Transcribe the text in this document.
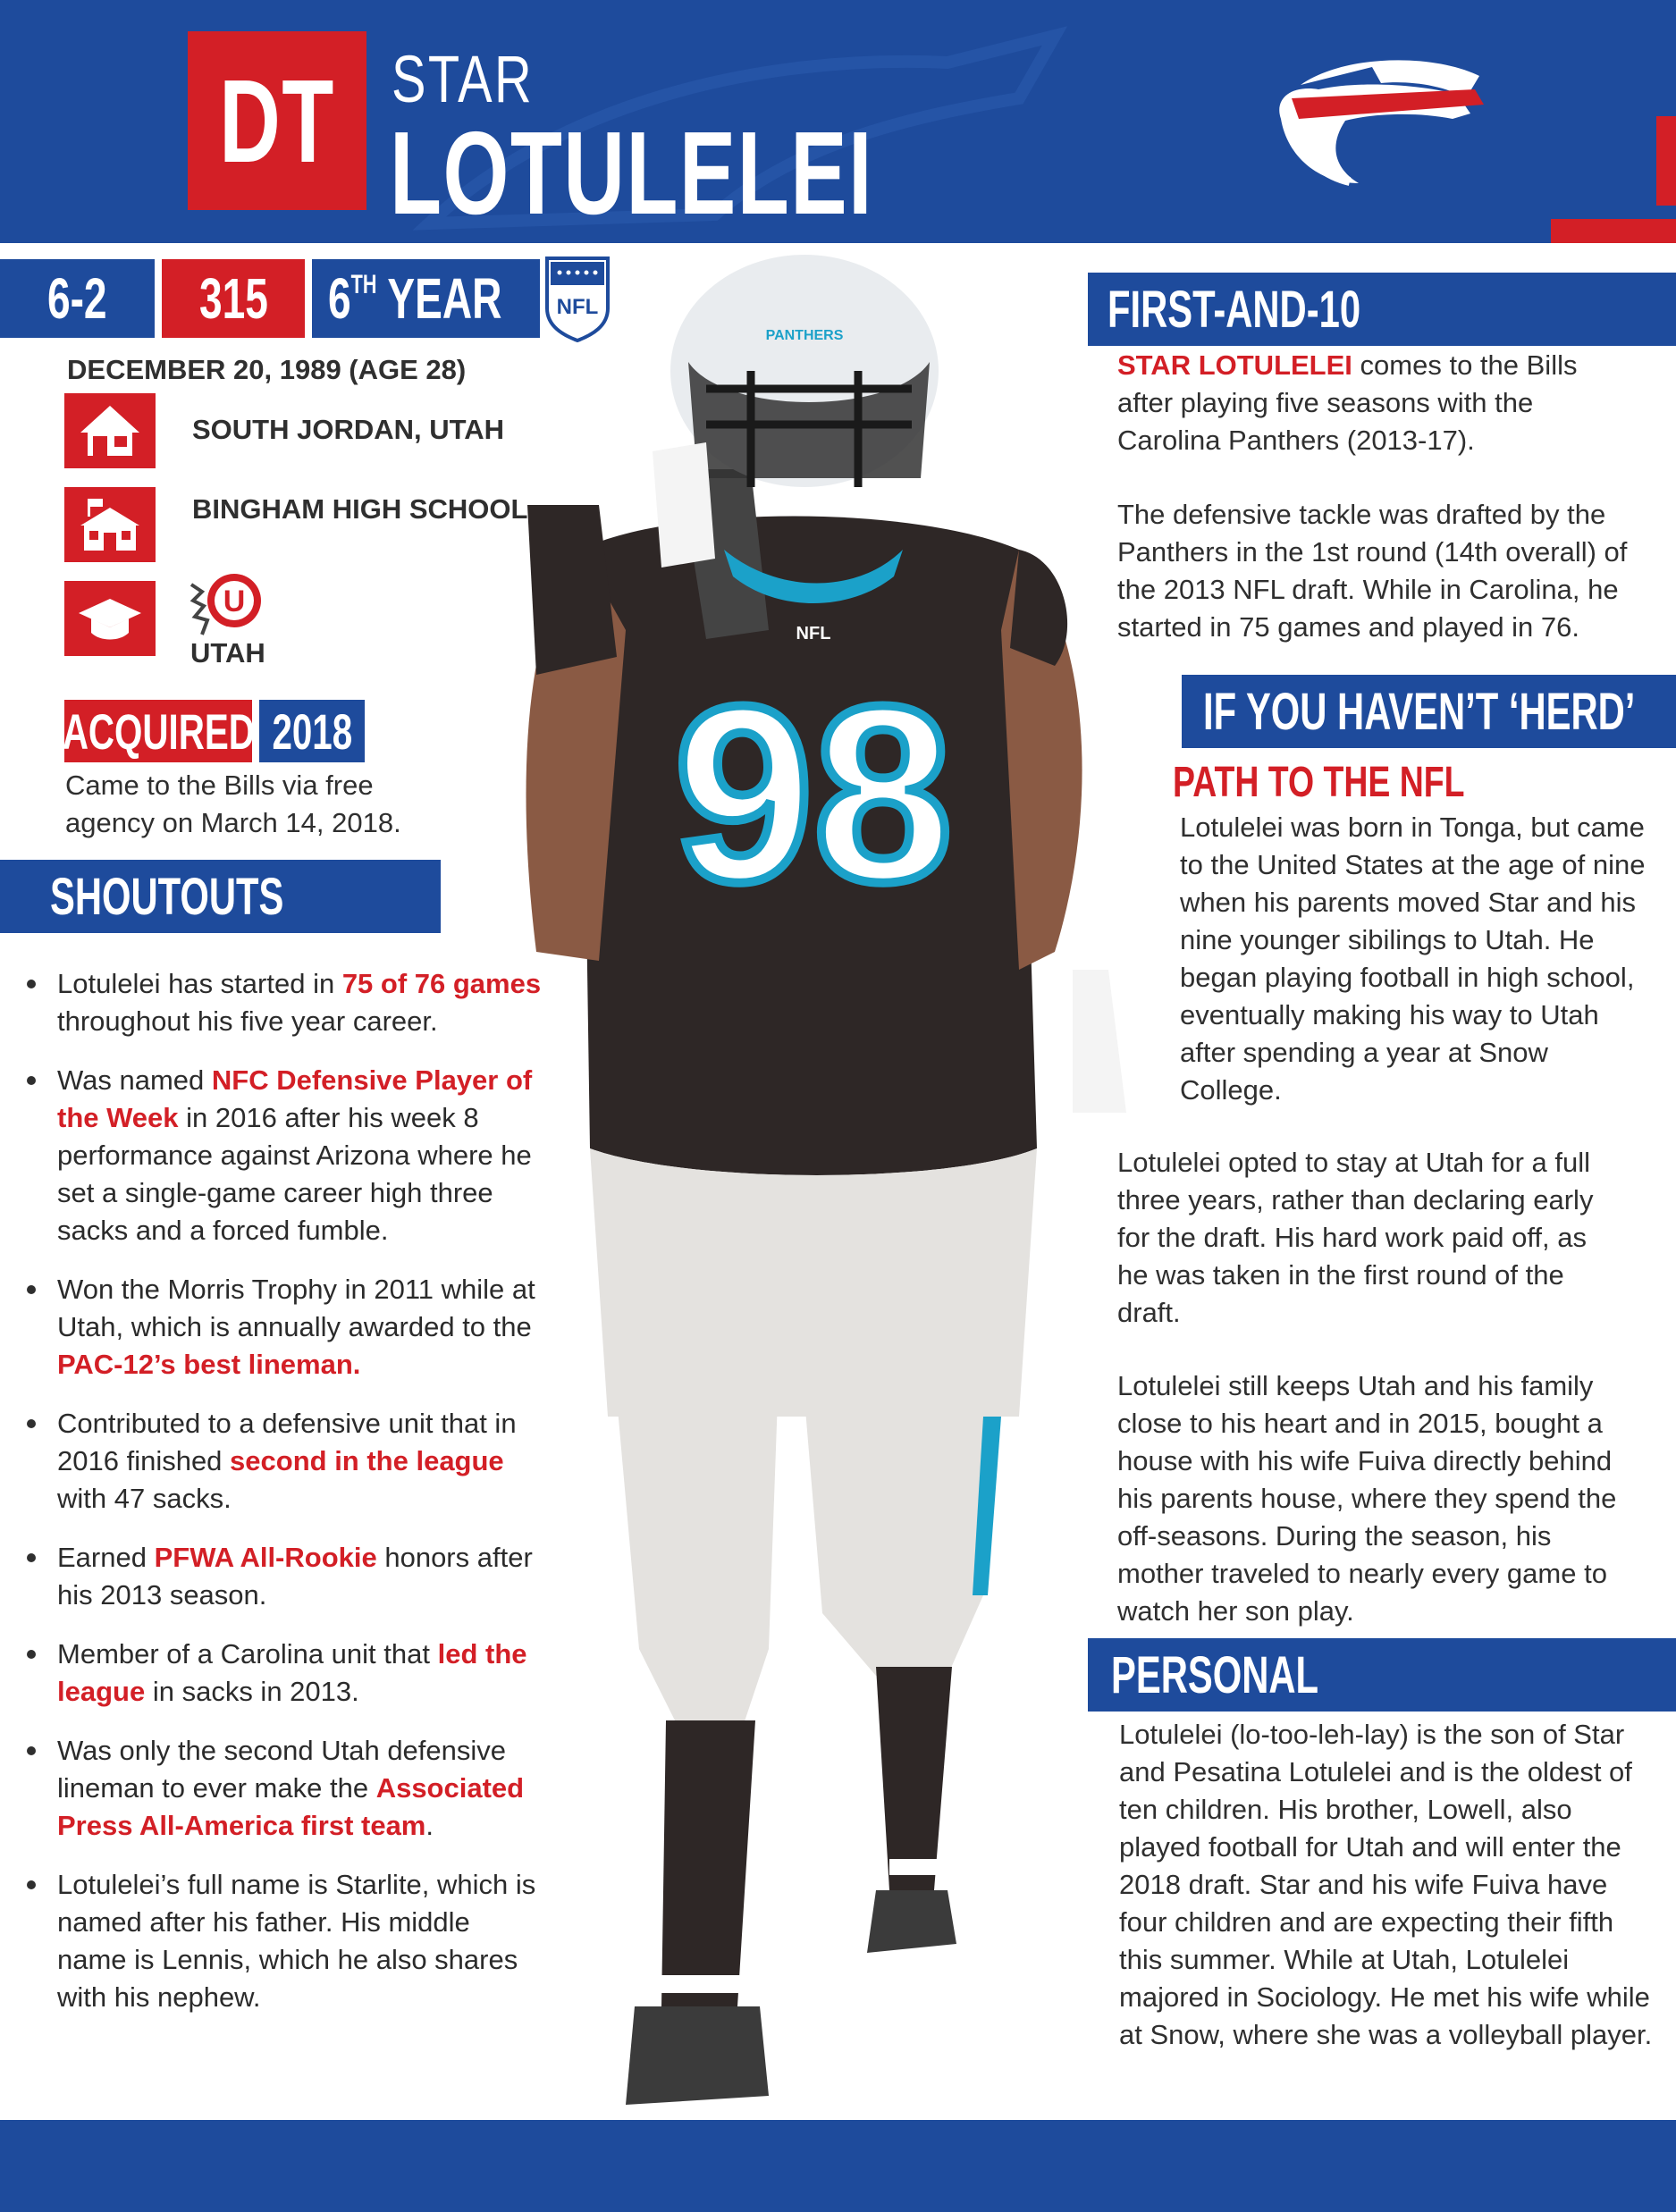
DT STAR
LOTULELEI
6-2 315 6TH YEAR	NFL
DECEMBER 20, 1989 (AGE 28)
SOUTH JORDAN, UTAH
BINGHAM HIGH SCHOOL
U
UTAH
ACQUIRED 2018
Came to the Bills via free agency on March 14, 2018.
SHOUTOUTS
Lotulelei has started in 75 of 76 games throughout his five year career.
Was named NFC Defensive Player of the Week in 2016 after his week 8 performance against Arizona where he set a single-game career high three sacks and a forced fumble.
Won the Morris Trophy in 2011 while at Utah, which is annually awarded to the PAC-12’s best lineman.
Contributed to a defensive unit that in 2016 finished second in the league with 47 sacks.
Earned PFWA All-Rookie honors after his 2013 season.
Member of a Carolina unit that led the league in sacks in 2013.
Was only the second Utah defensive lineman to ever make the Associated Press All-America first team.
Lotulelei’s full name is Starlite, which is named after his father. His middle name is Lennis, which he also shares with his nephew.
98
NFL
PANTHERS	FIRST-AND-10
STAR LOTULELEI comes to the Bills after playing five seasons with the Carolina Panthers (2013-17).
The defensive tackle was drafted by the Panthers in the 1st round (14th overall) of the 2013 NFL draft. While in Carolina, he started in 75 games and played in 76.
IF YOU HAVEN’T ‘HERD’
PATH TO THE NFL
Lotulelei was born in Tonga, but came to the United States at the age of nine when his parents moved Star and his nine younger sibilings to Utah. He began playing football in high school, eventually making his way to Utah after spending a year at Snow College.
Lotulelei opted to stay at Utah for a full three years, rather than declaring early for the draft. His hard work paid off, as he was taken in the first round of the draft.
Lotulelei still keeps Utah and his family close to his heart and in 2015, bought a house with his wife Fuiva directly behind his parents house, where they spend the off-seasons. During the season, his mother traveled to nearly every game to watch her son play.
PERSONAL
Lotulelei (lo-too-leh-lay) is the son of Star and Pesatina Lotulelei and is the oldest of ten children. His brother, Lowell, also played football for Utah and will enter the 2018 draft. Star and his wife Fuiva have four children and are expecting their fifth this summer. While at Utah, Lotulelei majored in Sociology. He met his wife while at Snow, where she was a volleyball player.
